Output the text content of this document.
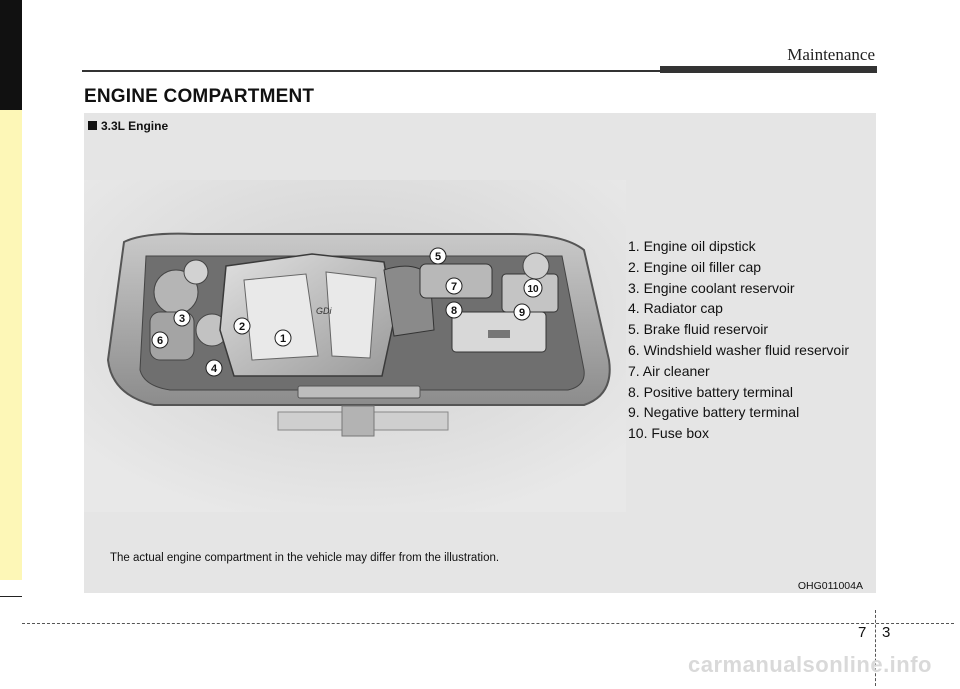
Maintenance
ENGINE COMPARTMENT
3.3L Engine
GDi
1
2
3
4
5
6
7
8	9
10
1. Engine oil dipstick
2. Engine oil filler cap
3. Engine coolant reservoir
4. Radiator cap
5. Brake fluid reservoir
6. Windshield washer fluid reservoir
7. Air cleaner
8. Positive battery terminal
9. Negative battery terminal
10. Fuse box
The actual engine compartment in the vehicle may differ from the illustration.
OHG011004A
7 3
carmanualsonline.info
